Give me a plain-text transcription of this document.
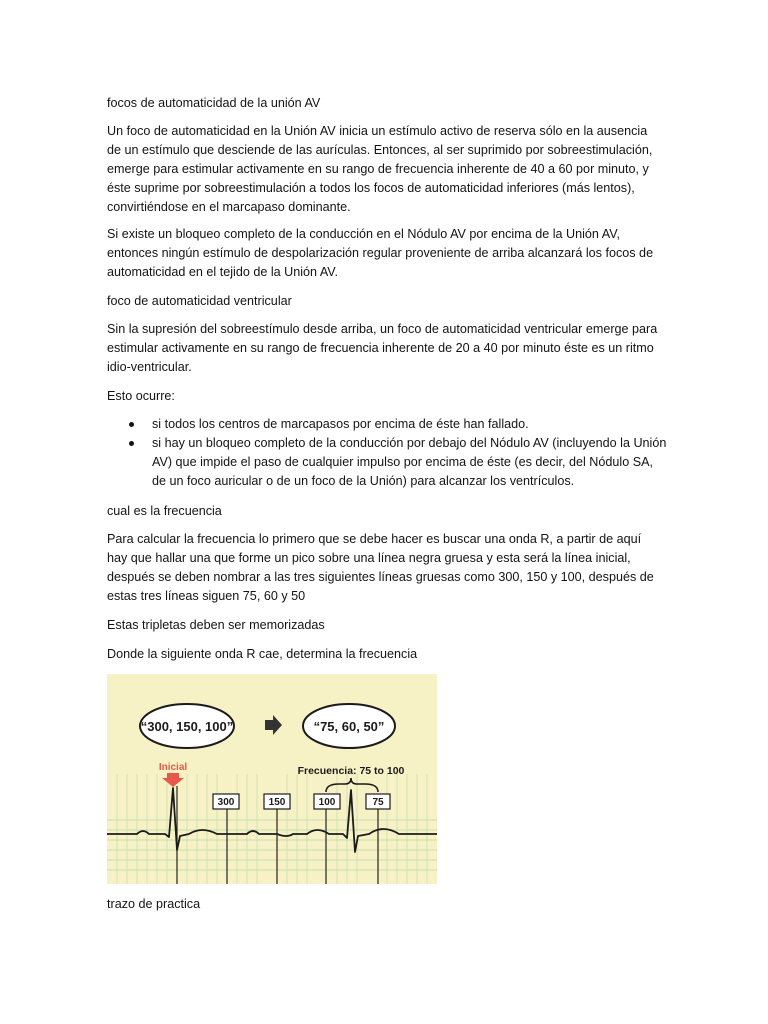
focos de automaticidad de la unión AV

Un foco de automaticidad en la Unión AV inicia un estímulo activo de reserva sólo en la ausencia de un estímulo que desciende de las aurículas. Entonces, al ser suprimido por sobreestimulación, emerge para estimular activamente en su rango de frecuencia inherente de 40 a 60 por minuto, y éste suprime por sobreestimulación a todos los focos de automaticidad inferiores (más lentos), convirtiéndose en el marcapaso dominante.

Si existe un bloqueo completo de la conducción en el Nódulo AV por encima de la Unión AV, entonces ningún estímulo de despolarización regular proveniente de arriba alcanzará los focos de automaticidad en el tejido de la Unión AV.

foco de automaticidad ventricular

Sin la supresión del sobreestímulo desde arriba, un foco de automaticidad ventricular emerge para estimular activamente en su rango de frecuencia inherente de 20 a 40 por minuto éste es un ritmo idio-ventricular.

Esto ocurre:

si todos los centros de marcapasos por encima de éste han fallado.
si hay un bloqueo completo de la conducción por debajo del Nódulo AV (incluyendo la Unión AV) que impide el paso de cualquier impulso por encima de éste (es decir, del Nódulo SA, de un foco auricular o de un foco de la Unión) para alcanzar los ventrículos.

cual es la frecuencia

Para calcular la frecuencia lo primero que se debe hacer es buscar una onda R, a partir de aquí hay que hallar una que forme un pico sobre una línea negra gruesa y esta será la línea inicial, después se deben nombrar a las tres siguientes líneas gruesas como 300, 150 y 100, después de estas tres líneas siguen 75, 60 y 50

Estas tripletas deben ser memorizadas

Donde la siguiente onda R cae, determina la frecuencia

“300, 150, 100”	“75, 60, 50”
Inicial	Frecuencia: 75 to 100
300	150	100	75

trazo de practica
